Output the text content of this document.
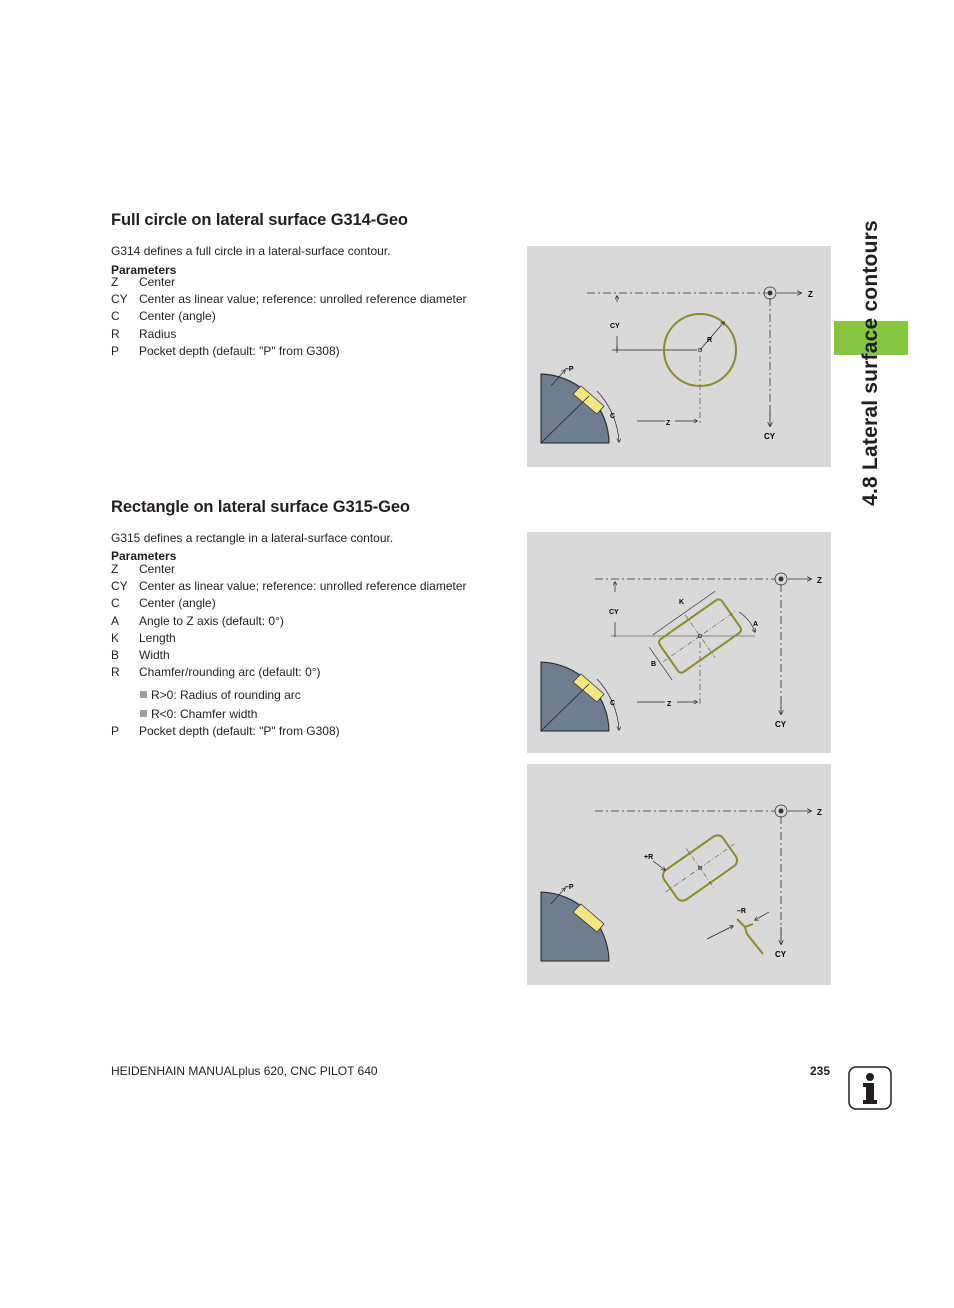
Full circle on lateral surface G314-Geo
G314 defines a full circle in a lateral-surface contour.
Parameters
Z	Center
CY Center as linear value; reference: unrolled reference diameter
C	Center (angle)
R	Radius
P	Pocket depth (default: "P" from G308)
Rectangle on lateral surface G315-Geo
G315 defines a rectangle in a lateral-surface contour.
Parameters
Z	Center
CY Center as linear value; reference: unrolled reference diameter
C	Center (angle)
A	Angle to Z axis (default: 0°)
K	Length
B	Width
R	Chamfer/rounding arc (default: 0°)
R>0: Radius of rounding arc
R<0: Chamfer width
P	Pocket depth (default: "P" from G308)
–P
C
Z
CY
CY
Z
R
C
Z
CY
CY
Z
K
B
A
–P
Z
CY
+R
–R
4.8 Lateral surface contours
HEIDENHAIN MANUALplus 620, CNC PILOT 640	235
